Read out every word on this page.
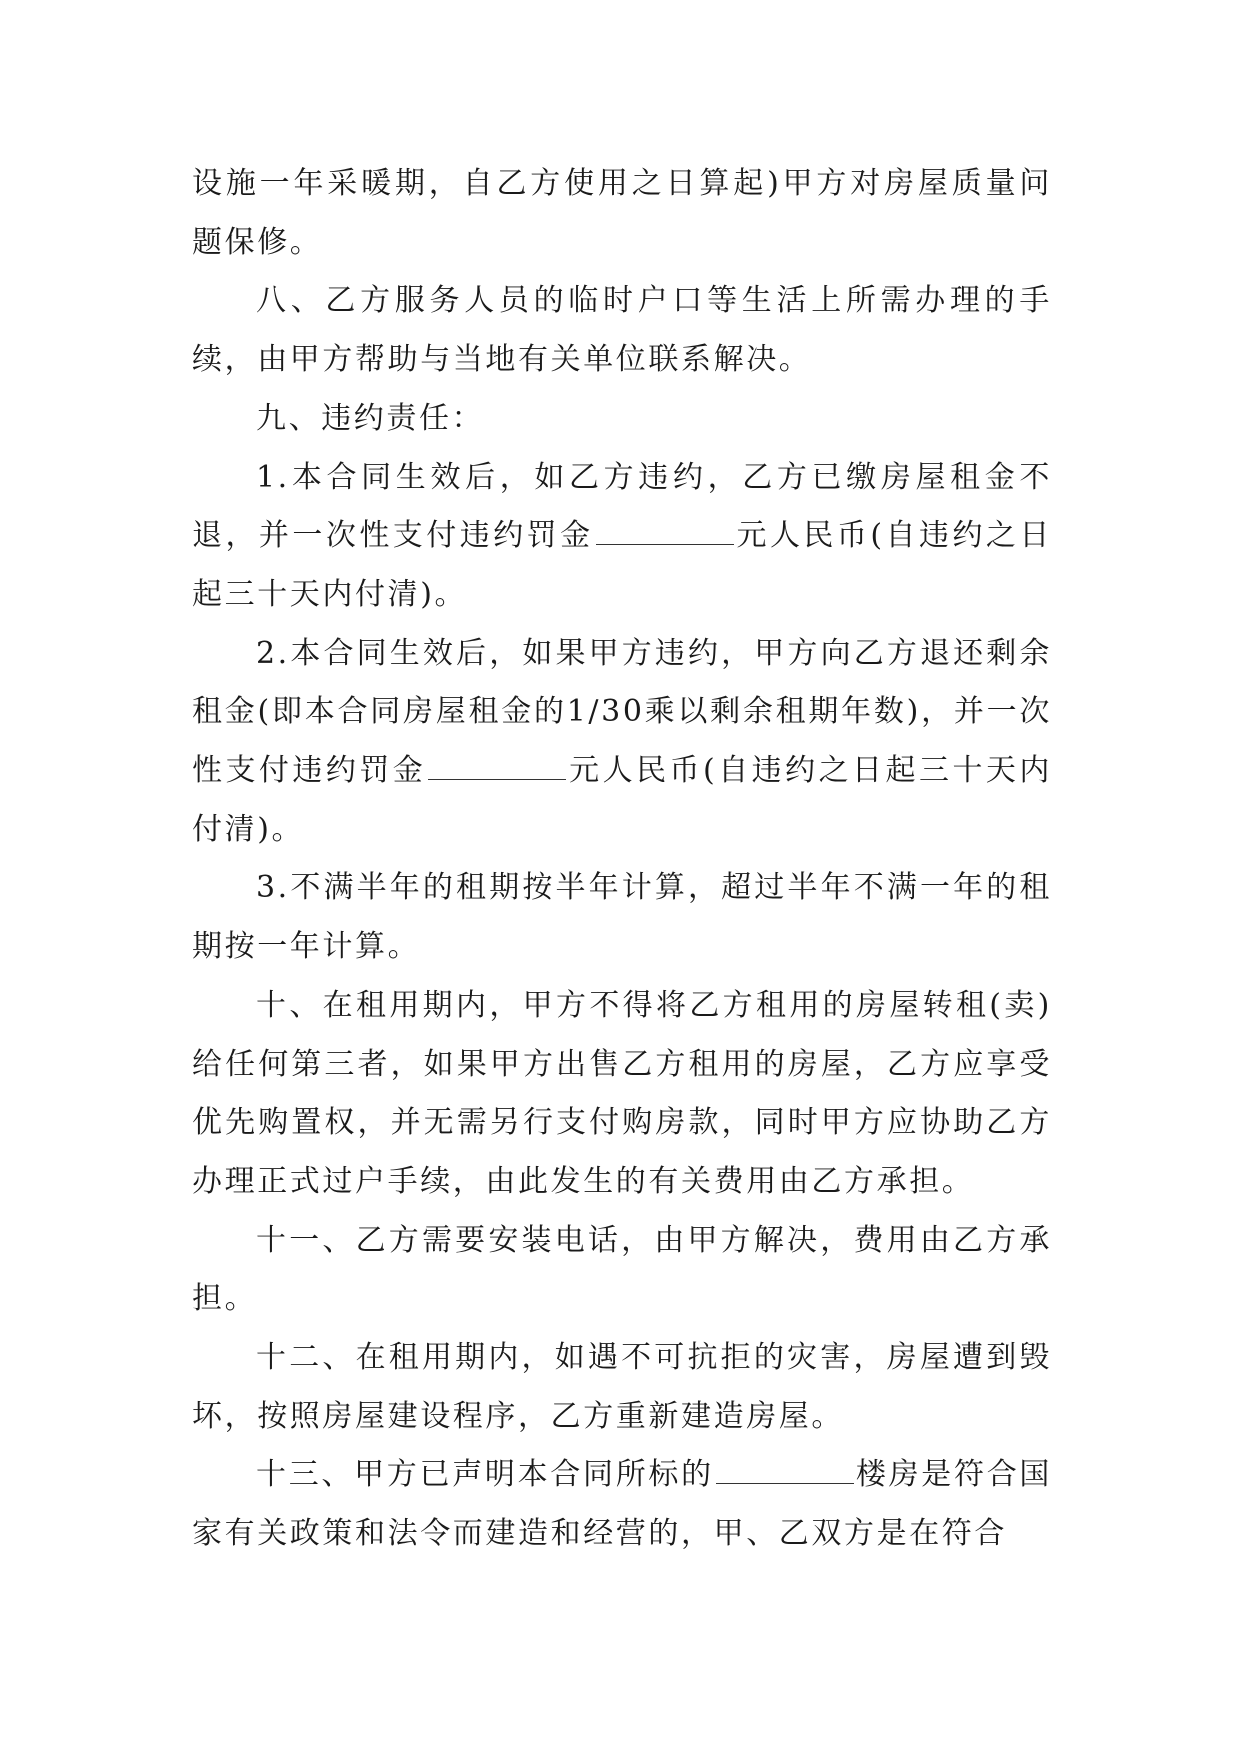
设施一年采暖期，自乙方使用之日算起)甲方对房屋质量问题保修。

八、乙方服务人员的临时户口等生活上所需办理的手续，由甲方帮助与当地有关单位联系解决。

九、违约责任：

1.本合同生效后，如乙方违约，乙方已缴房屋租金不退，并一次性支付违约罚金	元人民币(自违约之日起三十天内付清)。

2.本合同生效后，如果甲方违约，甲方向乙方退还剩余租金(即本合同房屋租金的1/30乘以剩余租期年数)，并一次性支付违约罚金	元人民币(自违约之日起三十天内付清)。

3.不满半年的租期按半年计算，超过半年不满一年的租期按一年计算。

十、在租用期内，甲方不得将乙方租用的房屋转租(卖)给任何第三者，如果甲方出售乙方租用的房屋，乙方应享受优先购置权，并无需另行支付购房款，同时甲方应协助乙方办理正式过户手续，由此发生的有关费用由乙方承担。

十一、乙方需要安装电话，由甲方解决，费用由乙方承担。

十二、在租用期内，如遇不可抗拒的灾害，房屋遭到毁坏，按照房屋建设程序，乙方重新建造房屋。

十三、甲方已声明本合同所标的	楼房是符合国家有关政策和法令而建造和经营的，甲、乙双方是在符合
